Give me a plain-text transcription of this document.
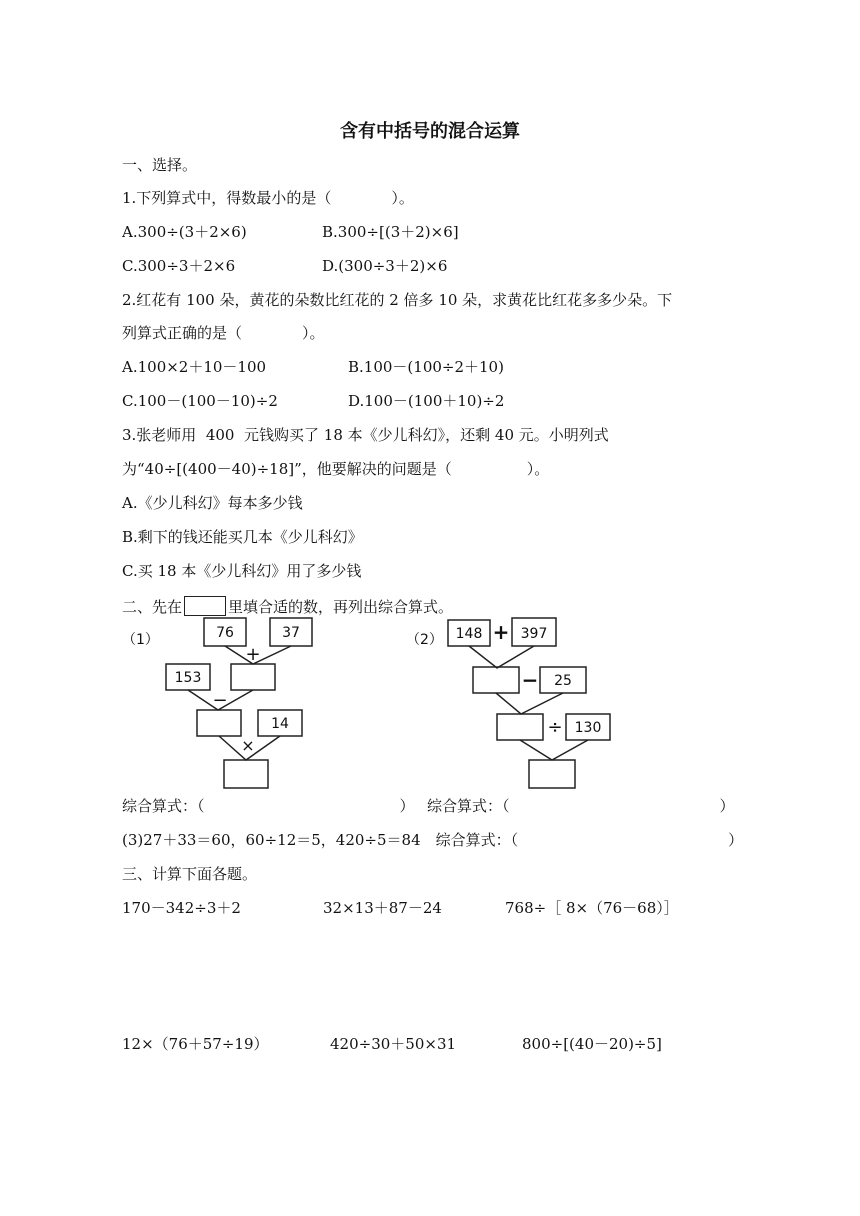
含有中括号的混合运算
一、选择。
1.下列算式中，得数最小的是（　　　　）。
A.300÷(3＋2×6)	B.300÷[(3＋2)×6]
C.300÷3＋2×6	D.(300÷3＋2)×6
2.红花有 100 朵，黄花的朵数比红花的 2 倍多 10 朵，求黄花比红花多多少朵。下
列算式正确的是（　　　　）。
A.100×2＋10－100	B.100－(100÷2＋10)
C.100－(100－10)÷2	D.100－(100＋10)÷2
3.张老师用  400  元钱购买了 18 本《少儿科幻》，还剩 40 元。小明列式
为“40÷[(400－40)÷18]”，他要解决的问题是（　　　　　）。
A.《少儿科幻》每本多少钱
B.剩下的钱还能买几本《少儿科幻》
C.买 18 本《少儿科幻》用了多少钱
二、先在	里填合适的数，再列出综合算式。
（1）	76	37
+
153
−
14
×
（2） 148	397
+
25
−
130
÷
综合算式：（　　　　　　　　　　　　　） 综合算式：（　　　　　　　　　　　　　　）
(3)27＋33＝60，60÷12＝5，420÷5＝84　综合算式：（　　　　　　　　　　　　　　）
三、计算下面各题。
170－342÷3＋2	32×13＋87－24	768÷［ 8×（76－68）］
12×（76＋57÷19）	420÷30＋50×31	800÷[(40－20)÷5]
